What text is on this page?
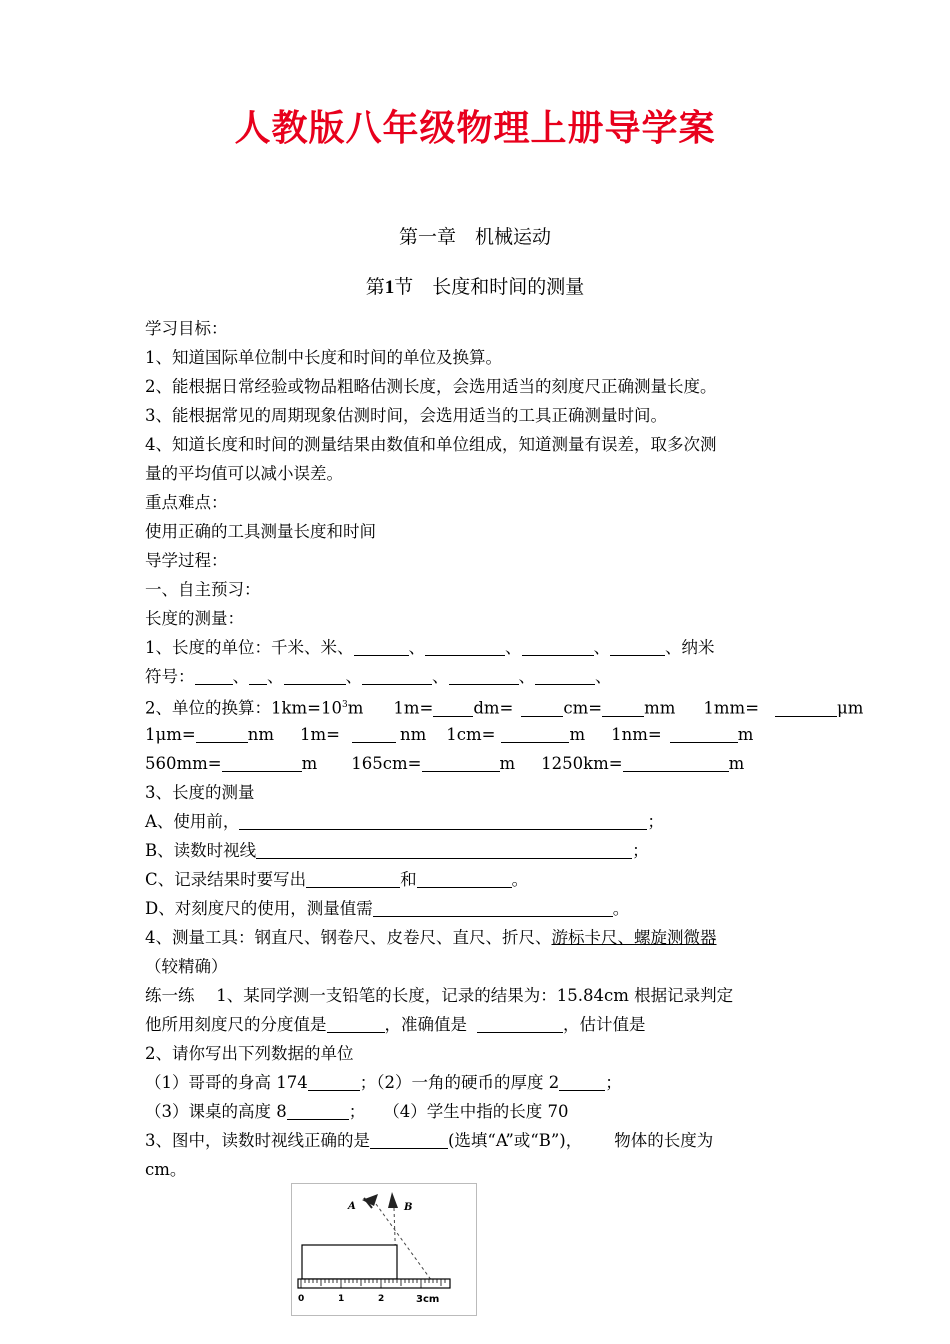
人教版八年级物理上册导学案
第一章　机械运动
第1节　长度和时间的测量
学习目标：
1、知道国际单位制中长度和时间的单位及换算。
2、能根据日常经验或物品粗略估测长度，会选用适当的刻度尺正确测量长度。
3、能根据常见的周期现象估测时间，会选用适当的工具正确测量时间。
4、知道长度和时间的测量结果由数值和单位组成，知道测量有误差，取多次测
量的平均值可以减小误差。
重点难点：
使用正确的工具测量长度和时间
导学过程：
一、自主预习：
长度的测量：
1、长度的单位：千米、米、	、	、	、	、纳米
符号： 、 、	、	、	、	、
2、单位的换算：$1km=10^3m$ 1m= dm=	cm=	mm 1mm=	μm
1μm=	nm 1m=	nm 1cm=	m 1nm=	m
560mm=	m 165cm=	m 1250km=	m
3、长度的测量
A、使用前，	；
B、读数时视线	；
C、记录结果时要写出	和	。
D、对刻度尺的使用，测量值需	。
4、测量工具：钢直尺、钢卷尺、皮卷尺、直尺、折尺、游标卡尺、螺旋测微器
（较精确）
练一练　 1、某同学测一支铅笔的长度，记录的结果为：15.84cm 根据记录判定
他所用刻度尺的分度值是	，准确值是	，估计值是
2、请你写出下列数据的单位
（1）哥哥的身高 174	；（2）一角的硬币的厚度 2	；
（3）课桌的高度 8	； （4）学生中指的长度 70
3、图中，读数时视线正确的是	(选填“A”或“B”)， 物体的长度为
cm。
A	B
0	1	2	3cm
